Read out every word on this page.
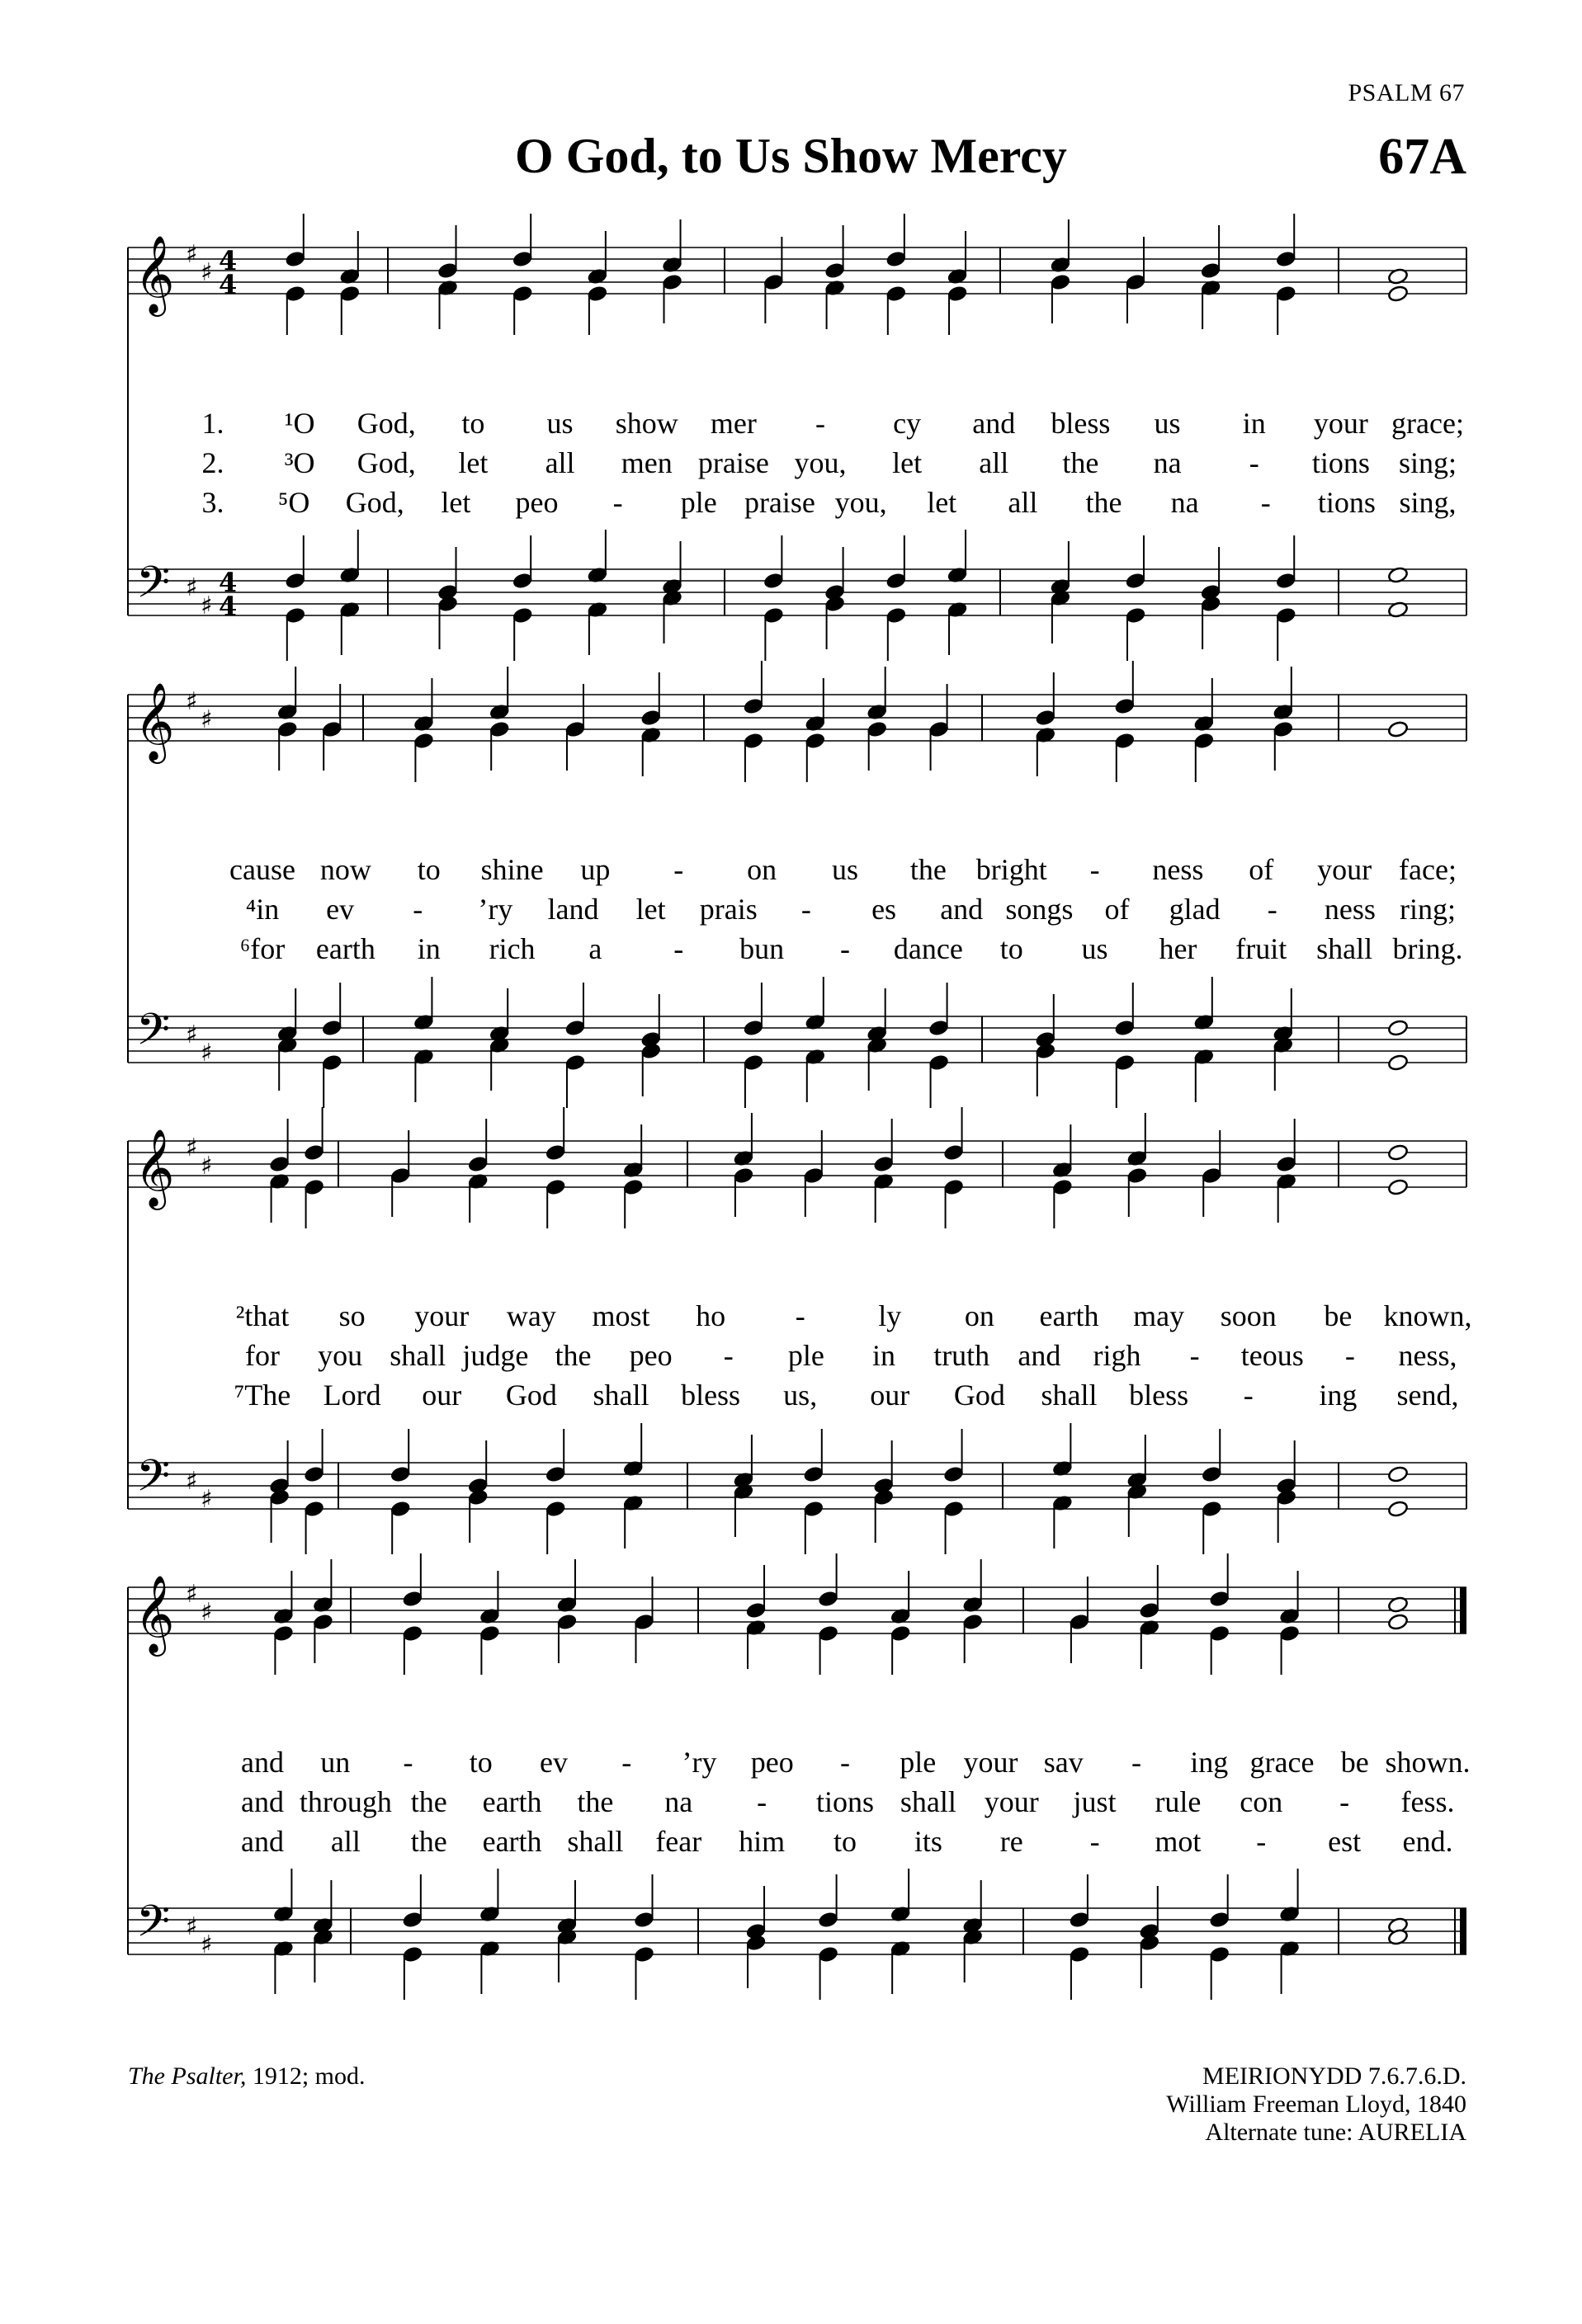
PSALM 67
O God, to Us Show Mercy	67A
𝄞
𝄢
♯
♯
♯
♯
4
4
4
4
𝄞
𝄢
♯
♯
♯
♯
𝄞
𝄢
♯
♯
♯
♯
𝄞
𝄢
♯
♯
♯
♯
1. ¹O God, to us show mer - cy and bless us in your grace;
2. ³O God, let all men praise you, let all the na - tions sing;
3. ⁵O God, let peo - ple praise you, let all the na - tions sing,
cause now to shine up - on us the bright - ness of your face;
⁴in ev - ’ry land let prais - es and songs of glad - ness ring;
⁶for earth in rich a - bun - dance to us her fruit shall bring.
²that so your way most ho - ly on earth may soon be known,
for you shall judge the peo - ple in truth and righ - teous - ness,
⁷The Lord our God shall bless us, our God shall bless - ing send,
and un - to ev - ’ry peo - ple your sav - ing grace be shown.
and through the earth the na - tions shall your just rule con - fess.
and all the earth shall fear him to its re - mot - est end.
The Psalter, 1912; mod.	MEIRIONYDD 7.6.7.6.D.
William Freeman Lloyd, 1840
Alternate tune: AURELIA
